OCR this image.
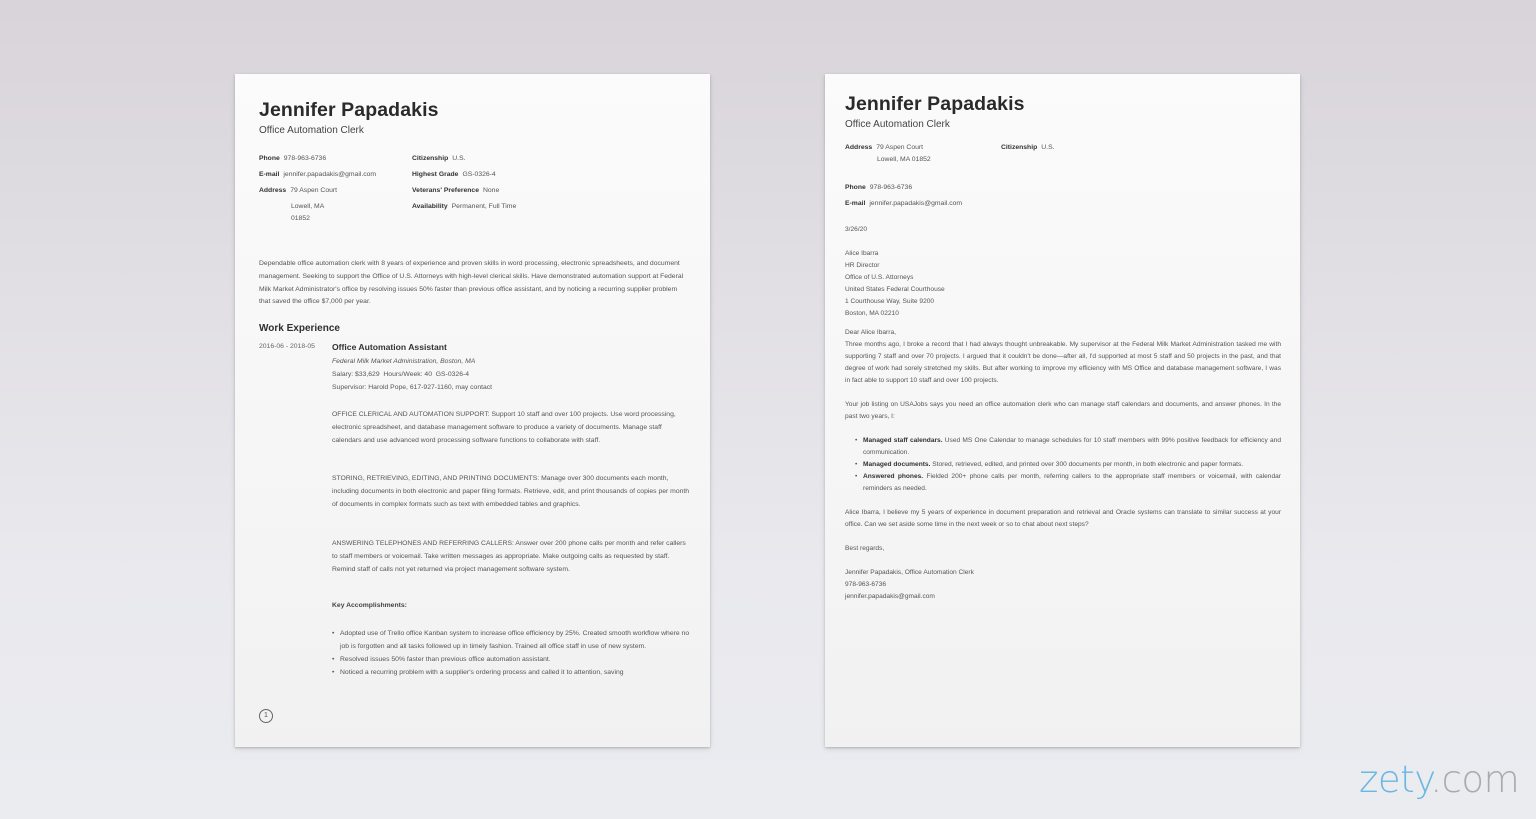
Jennifer Papadakis
Office Automation Clerk
Phone 978-963-6736
E-mail jennifer.papadakis@gmail.com
Address 79 Aspen Court
Lowell, MA
01852
Citizenship U.S.
Highest Grade GS-0326-4
Veterans' Preference None
Availability Permanent, Full Time
Dependable office automation clerk with 8 years of experience and proven skills in word processing, electronic spreadsheets, and document management. Seeking to support the Office of U.S. Attorneys with high-level clerical skills. Have demonstrated automation support at Federal Milk Market Administrator's office by resolving issues 50% faster than previous office assistant, and by noticing a recurring supplier problem that saved the office $7,000 per year.
Work Experience
2016-06 - 2018-05 Office Automation Assistant
Federal Milk Market Administration, Boston, MA
Salary: $33,629  Hours/Week: 40  GS-0326-4
Supervisor: Harold Pope, 617-927-1160, may contact
OFFICE CLERICAL AND AUTOMATION SUPPORT: Support 10 staff and over 100 projects. Use word processing, electronic spreadsheet, and database management software to produce a variety of documents. Manage staff calendars and use advanced word processing software functions to collaborate with staff.
STORING, RETRIEVING, EDITING, AND PRINTING DOCUMENTS: Manage over 300 documents each month, including documents in both electronic and paper filing formats. Retrieve, edit, and print thousands of copies per month of documents in complex formats such as text with embedded tables and graphics.
ANSWERING TELEPHONES AND REFERRING CALLERS: Answer over 200 phone calls per month and refer callers to staff members or voicemail. Take written messages as appropriate. Make outgoing calls as requested by staff. Remind staff of calls not yet returned via project management software system.
Key Accomplishments:
• Adopted use of Trello office Kanban system to increase office efficiency by 25%. Created smooth workflow where no job is forgotten and all tasks followed up in timely fashion. Trained all office staff in use of new system.
• Resolved issues 50% faster than previous office automation assistant.
• Noticed a recurring problem with a supplier's ordering process and called it to attention, saving
1
Jennifer Papadakis
Office Automation Clerk
Address 79 Aspen Court
Lowell, MA 01852
Citizenship U.S.
Phone 978-963-6736
E-mail jennifer.papadakis@gmail.com

3/26/20

Alice Ibarra

HR Director

Office of U.S. Attorneys

United States Federal Courthouse

1 Courthouse Way, Suite 9200

Boston, MA 02210

Dear Alice Ibarra,

Three months ago, I broke a record that I had always thought unbreakable. My supervisor at the Federal Milk Market Administration tasked me with supporting 7 staff and over 70 projects. I argued that it couldn't be done—after all, I'd supported at most 5 staff and 50 projects in the past, and that degree of work had sorely stretched my skills. But after working to improve my efficiency with MS Office and database management software, I was in fact able to support 10 staff and over 100 projects.

Your job listing on USAJobs says you need an office automation clerk who can manage staff calendars and documents, and answer phones. In the past two years, I:

• Managed staff calendars. Used MS One Calendar to manage schedules for 10 staff members with 99% positive feedback for efficiency and communication.
• Managed documents. Stored, retrieved, edited, and printed over 300 documents per month, in both electronic and paper formats.
• Answered phones. Fielded 200+ phone calls per month, referring callers to the appropriate staff members or voicemail, with calendar reminders as needed.

Alice Ibarra, I believe my 5 years of experience in document preparation and retrieval and Oracle systems can translate to similar success at your office. Can we set aside some time in the next week or so to chat about next steps?

Best regards,

Jennifer Papadakis, Office Automation Clerk

978-963-6736

jennifer.papadakis@gmail.com

zety.com
